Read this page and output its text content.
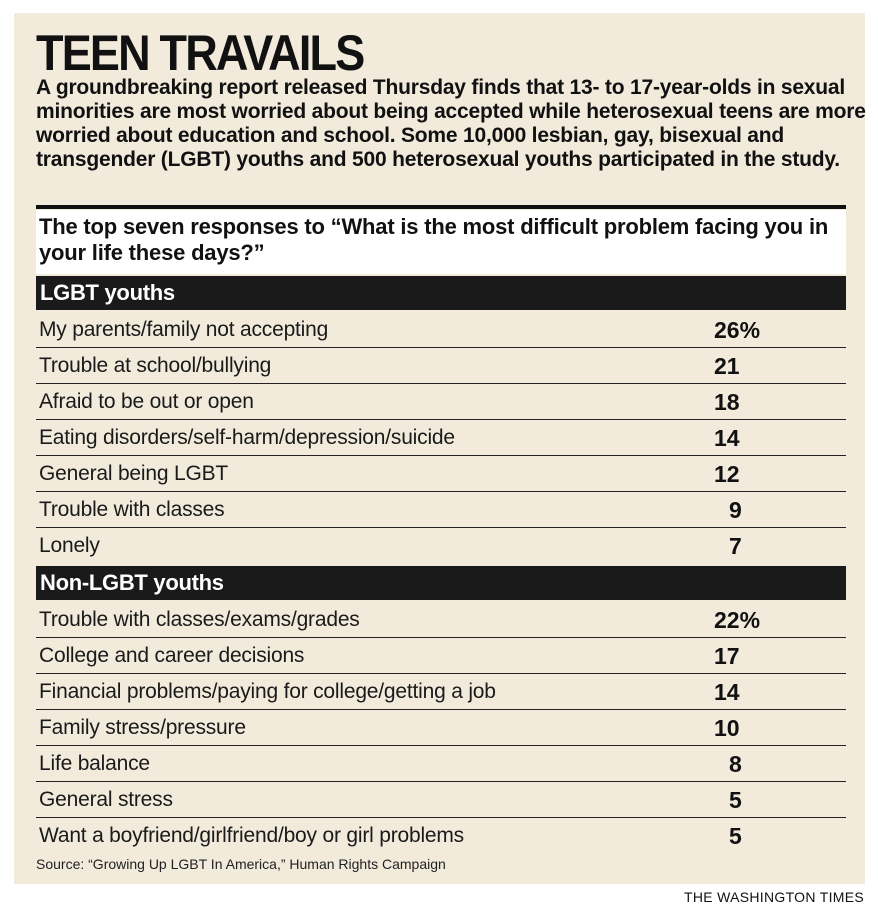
TEEN TRAVAILS

A groundbreaking report released Thursday finds that 13- to 17-year-olds in sexual minorities are most worried about being accepted while heterosexual teens are more worried about education and school. Some 10,000 lesbian, gay, bisexual and transgender (LGBT) youths and 500 heterosexual youths participated in the study.

The top seven responses to “What is the most difficult problem facing you in your life these days?”
LGBT youths
My parents/family not accepting	26%
Trouble at school/bullying	21
Afraid to be out or open	18
Eating disorders/self-harm/depression/suicide	14
General being LGBT	12
Trouble with classes	9
Lonely	7
Non-LGBT youths
Trouble with classes/exams/grades	22%
College and career decisions	17
Financial problems/paying for college/getting a job	14
Family stress/pressure	10
Life balance	8
General stress	5
Want a boyfriend/girlfriend/boy or girl problems	5
Source: “Growing Up LGBT In America,” Human Rights Campaign
THE WASHINGTON TIMES
